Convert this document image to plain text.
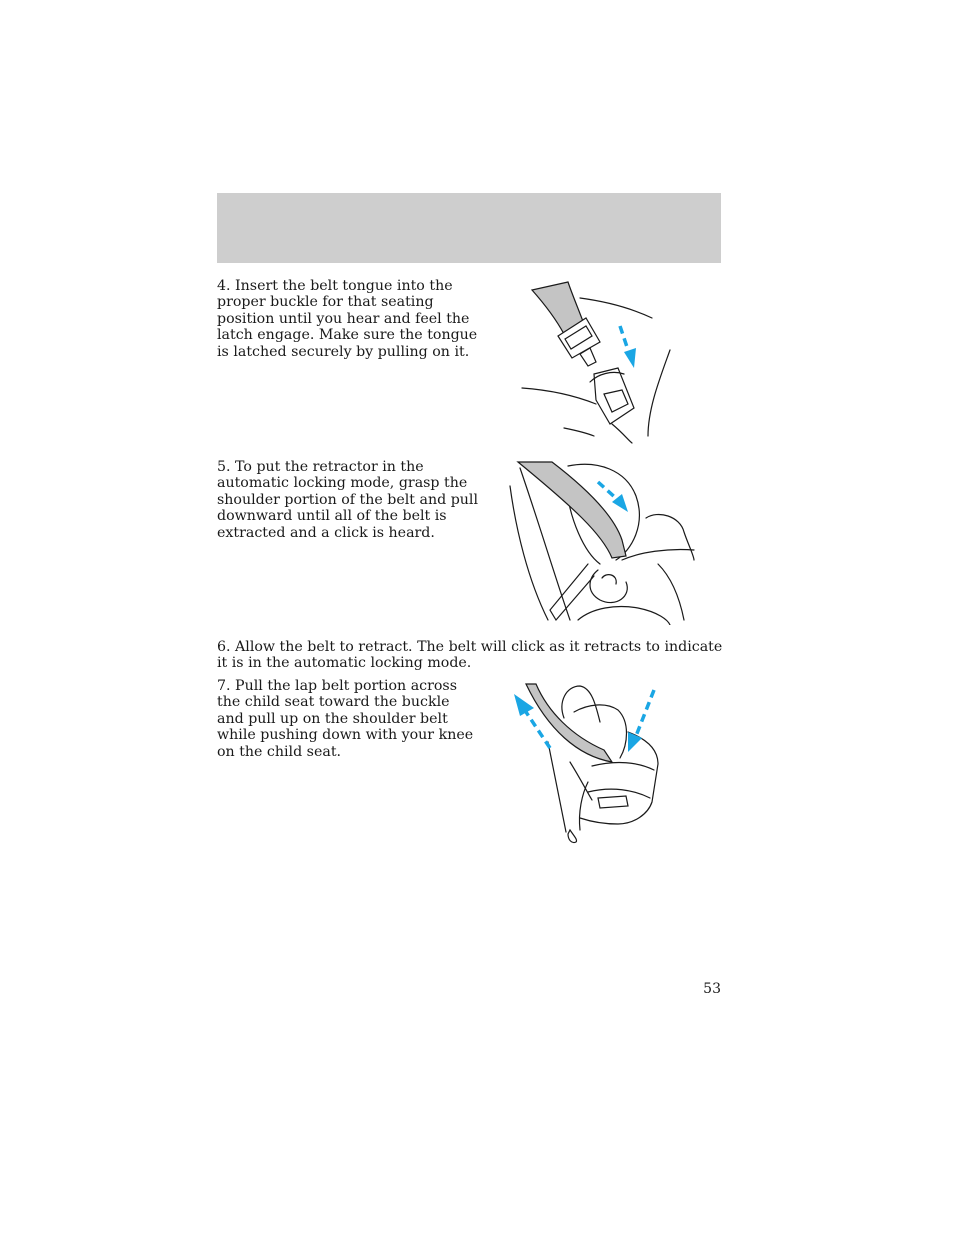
4. Insert the belt tongue into the proper buckle for that seating position until you hear and feel the latch engage. Make sure the tongue is latched securely by pulling on it.

5. To put the retractor in the automatic locking mode, grasp the shoulder portion of the belt and pull downward until all of the belt is extracted and a click is heard.

6. Allow the belt to retract. The belt will click as it retracts to indicate it is in the automatic locking mode.

7. Pull the lap belt portion across the child seat toward the buckle and pull up on the shoulder belt while pushing down with your knee on the child seat.

53
